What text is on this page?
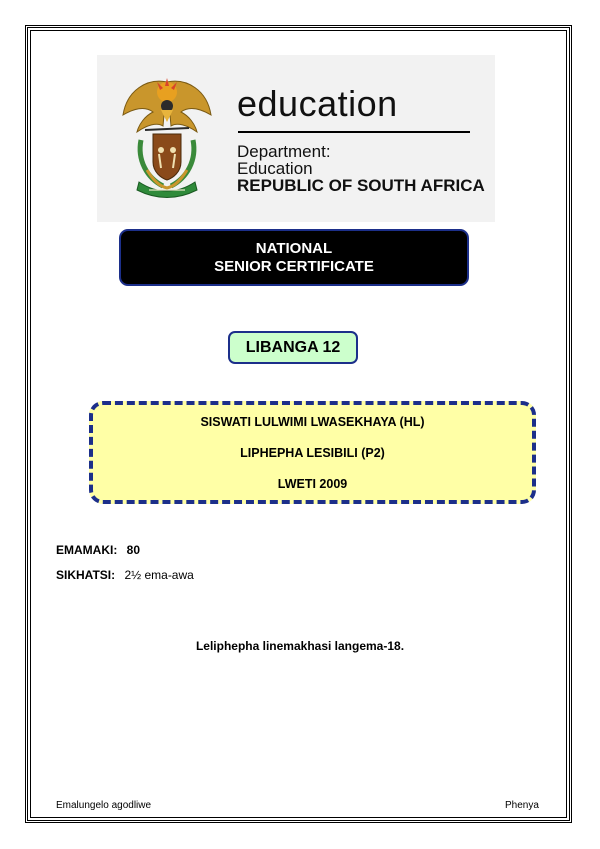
education
Department:
Education
REPUBLIC OF SOUTH AFRICA
NATIONAL
SENIOR CERTIFICATE
LIBANGA 12
SISWATI LULWIMI LWASEKHAYA (HL)
LIPHEPHA LESIBILI (P2)
LWETI 2009
EMAMAKI: 80
SIKHATSI: 2½ ema-awa
Leliphepha linemakhasi langema-18.
Emalungelo agodliwe	Phenya
